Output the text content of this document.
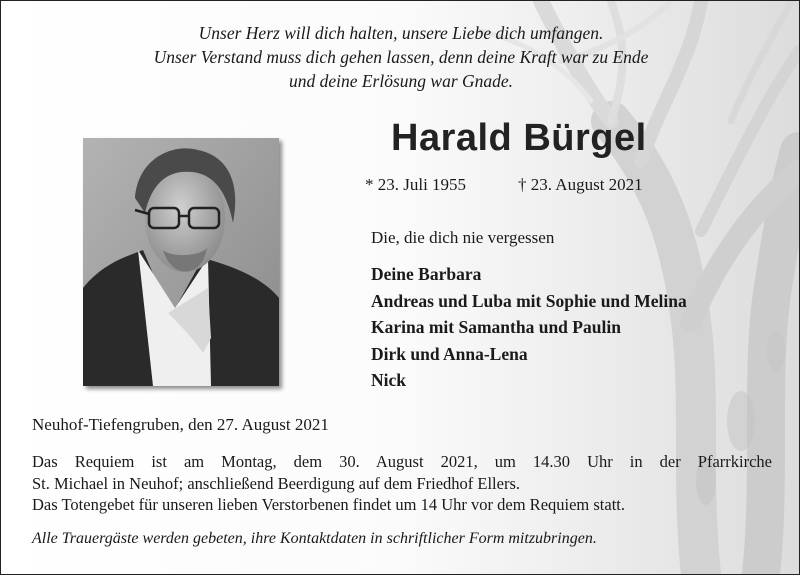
Unser Herz will dich halten, unsere Liebe dich umfangen.
Unser Verstand muss dich gehen lassen, denn deine Kraft war zu Ende
und deine Erlösung war Gnade.
Harald Bürgel
* 23. Juli 1955	† 23. August 2021
Die, die dich nie vergessen
Deine Barbara
Andreas und Luba mit Sophie und Melina
Karina mit Samantha und Paulin
Dirk und Anna-Lena
Nick
Neuhof-Tiefengruben, den 27. August 2021
Das Requiem ist am Montag, dem 30. August 2021, um 14.30 Uhr in der Pfarrkirche
St. Michael in Neuhof; anschließend Beerdigung auf dem Friedhof Ellers.
Das Totengebet für unseren lieben Verstorbenen findet um 14 Uhr vor dem Requiem statt.
Alle Trauergäste werden gebeten, ihre Kontaktdaten in schriftlicher Form mitzubringen.
